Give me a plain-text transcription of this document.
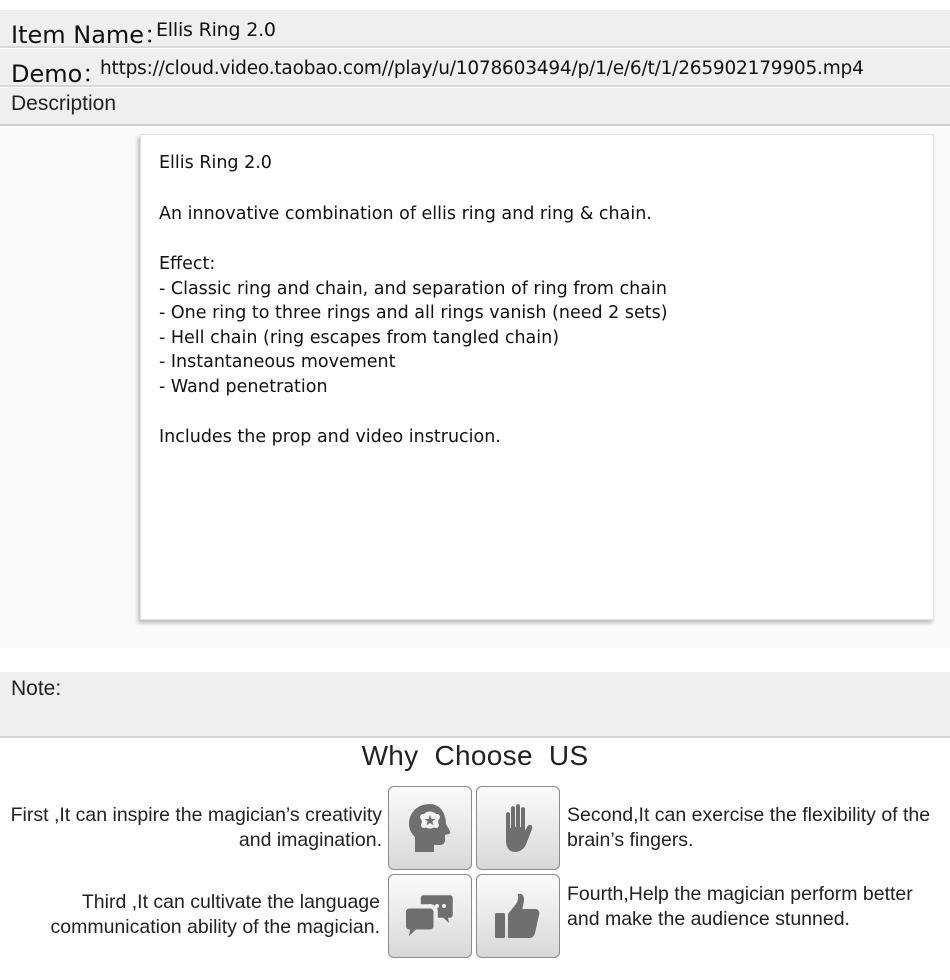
Item Name：
Ellis Ring 2.0
Demo：
https://cloud.video.taobao.com//play/u/1078603494/p/1/e/6/t/1/265902179905.mp4
Description

Ellis Ring 2.0

An innovative combination of ellis ring and ring & chain.

Effect:

- Classic ring and chain, and separation of ring from chain

- One ring to three rings and all rings vanish (need 2 sets)

- Hell chain (ring escapes from tangled chain)

- Instantaneous movement

- Wand penetration

Includes the prop and video instrucion.

Note:
Why Choose US
First ,It can inspire the magician’s creativity and imagination.
Second,It can exercise the flexibility of the brain’s fingers.
Third ,It can cultivate the language communication ability of the magician.
Fourth,Help the magician perform better and make the audience stunned.
